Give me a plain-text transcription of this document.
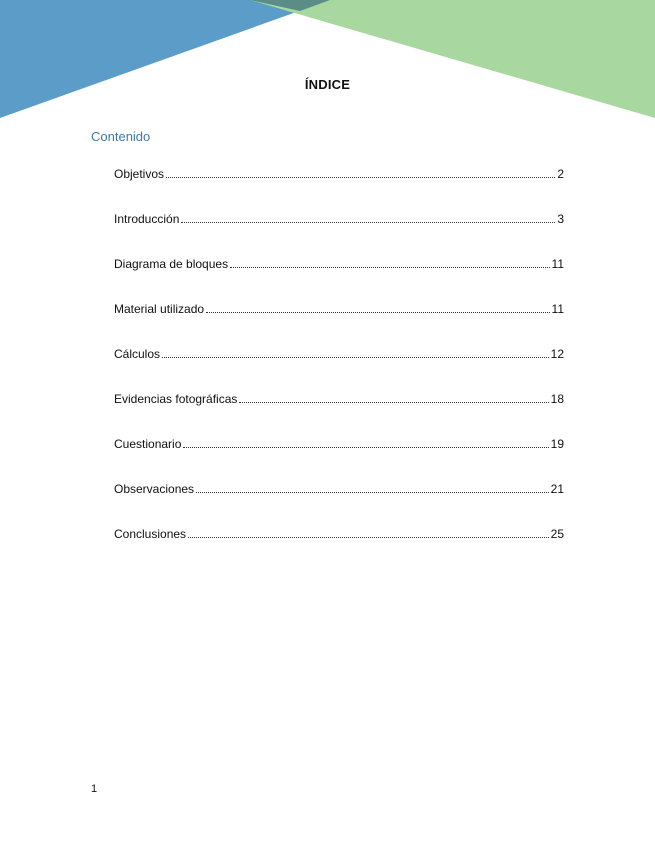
ÍNDICE
Contenido
Objetivos	2
Introducción	3
Diagrama de bloques	11
Material utilizado	11
Cálculos	12
Evidencias fotográficas	18
Cuestionario	19
Observaciones	21
Conclusiones	25
1
